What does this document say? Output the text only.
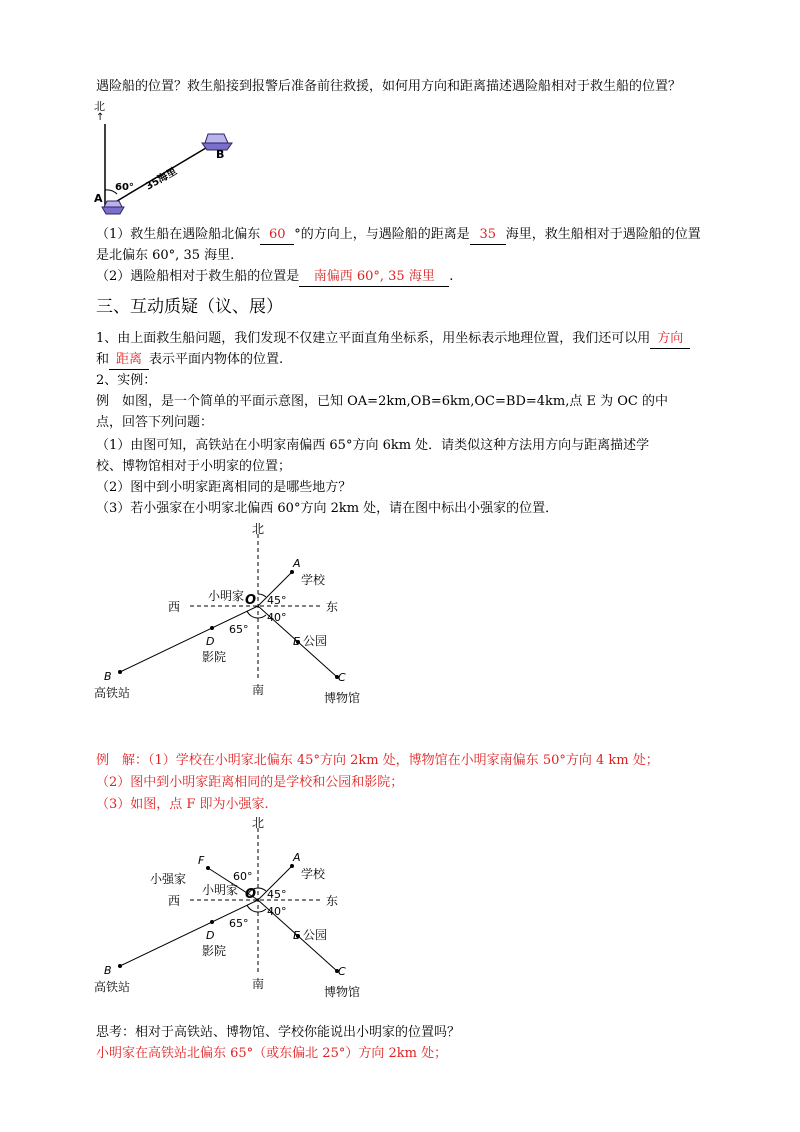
遇险船的位置？救生船接到报警后准备前往救援，如何用方向和距离描述遇险船相对于救生船的位置？
北
↑
A
B
60° 35海里
（1）救生船在遇险船北偏东 60 °的方向上，与遇险船的距离是 35 海里，救生船相对于遇险船的位置
是北偏东 60°, 35 海里.
（2）遇险船相对于救生船的位置是 南偏西 60°, 35 海里 .
三、互动质疑（议、展）
1、由上面救生船问题，我们发现不仅建立平面直角坐标系，用坐标表示地理位置，我们还可以用 方向
和 距离 表示平面内物体的位置.
2、实例：
例　如图，是一个简单的平面示意图，已知 OA=2km,OB=6km,OC=BD=4km,点 E 为 OC 的中
点，回答下列问题：
（1）由图可知，高铁站在小明家南偏西 65°方向 6km 处．请类似这种方法用方向与距离描述学
校、博物馆相对于小明家的位置；
（2）图中到小明家距离相同的是哪些地方？
（3）若小强家在小明家北偏西 60°方向 2km 处，请在图中标出小强家的位置．
北
南
西	东
O
小明家
A
学校
E 公园
C
博物馆
D
影院
B
高铁站
45°
40°
65°
例　解：（1）学校在小明家北偏东 45°方向 2km 处，博物馆在小明家南偏东 50°方向 4 km 处；
（2）图中到小明家距离相同的是学校和公园和影院；
（3）如图，点 F 即为小强家.
北
南
西	东
O
小明家
F
小强家	60°
A
学校
E 公园
C
博物馆
D
影院
B
高铁站
45°
40°
65°
思考：相对于高铁站、博物馆、学校你能说出小明家的位置吗？
小明家在高铁站北偏东 65°（或东偏北 25°）方向 2km 处；
